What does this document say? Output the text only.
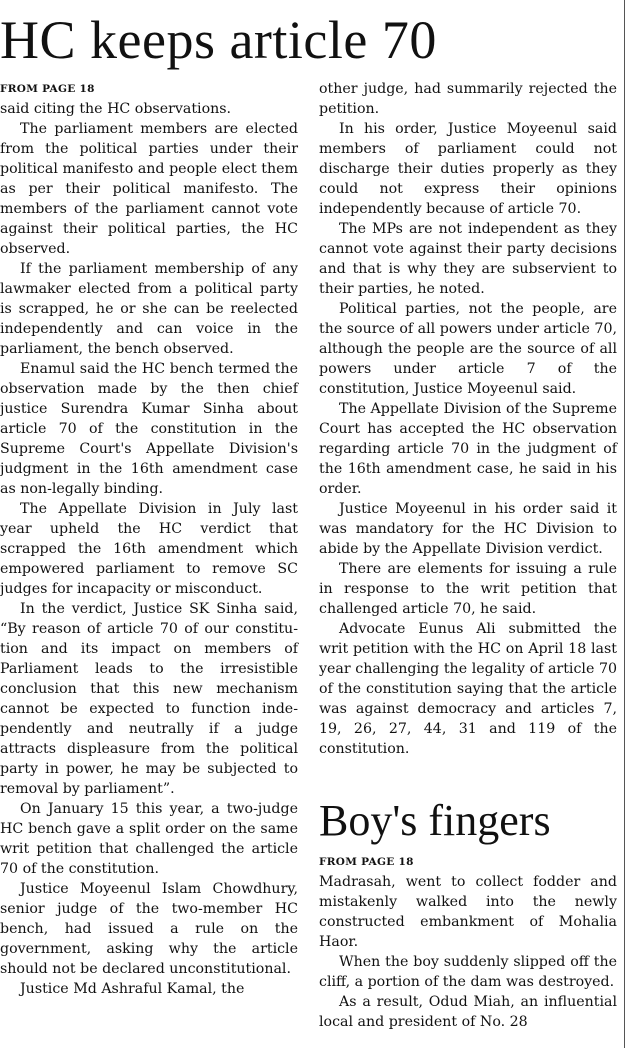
HC keeps article 70
FROM PAGE 18

said citing the HC observations.

The parliament members are elected from the political parties under their political manifesto and people elect them as per their political manifesto. The members of the parliament cannot vote against their political parties, the HC observed.

If the parliament membership of any lawmaker elected from a political party is scrapped, he or she can be reelected independently and can voice in the parliament, the bench observed.

Enamul said the HC bench termed the observation made by the then chief justice Surendra Kumar Sinha about article 70 of the constitution in the Supreme Court's Appellate Division's judgment in the 16th amendment case as non-legally binding.

The Appellate Division in July last year upheld the HC verdict that scrapped the 16th amendment which empowered parliament to remove SC judges for incapacity or misconduct.

In the verdict, Justice SK Sinha said, “By reason of article 70 of our constitution and its impact on members of Parliament leads to the irresistible conclusion that this new mechanism cannot be expected to function independently and neutrally if a judge attracts displeasure from the political party in power, he may be subjected to removal by parliament”.

On January 15 this year, a two-judge HC bench gave a split order on the same writ petition that challenged the article 70 of the constitution.

Justice Moyeenul Islam Chowdhury, senior judge of the two-member HC bench, had issued a rule on the government, asking why the article should not be declared unconstitutional.

Justice Md Ashraful Kamal, the

other judge, had summarily rejected the petition.

In his order, Justice Moyeenul said members of parliament could not discharge their duties properly as they could not express their opinions independently because of article 70.

The MPs are not independent as they cannot vote against their party decisions and that is why they are subservient to their parties, he noted.

Political parties, not the people, are the source of all powers under article 70, although the people are the source of all powers under article 7 of the constitution, Justice Moyeenul said.

The Appellate Division of the Supreme Court has accepted the HC observation regarding article 70 in the judgment of the 16th amendment case, he said in his order.

Justice Moyeenul in his order said it was mandatory for the HC Division to abide by the Appellate Division verdict.

There are elements for issuing a rule in response to the writ petition that challenged article 70, he said.

Advocate Eunus Ali submitted the writ petition with the HC on April 18 last year challenging the legality of article 70 of the constitution saying that the article was against democracy and articles 7, 19, 26, 27, 44, 31 and 119 of the constitution.

Boy's fingers
FROM PAGE 18

Madrasah, went to collect fodder and mistakenly walked into the newly constructed embankment of Mohalia Haor.

When the boy suddenly slipped off the cliff, a portion of the dam was destroyed.

As a result, Odud Miah, an influential local and president of No. 28
